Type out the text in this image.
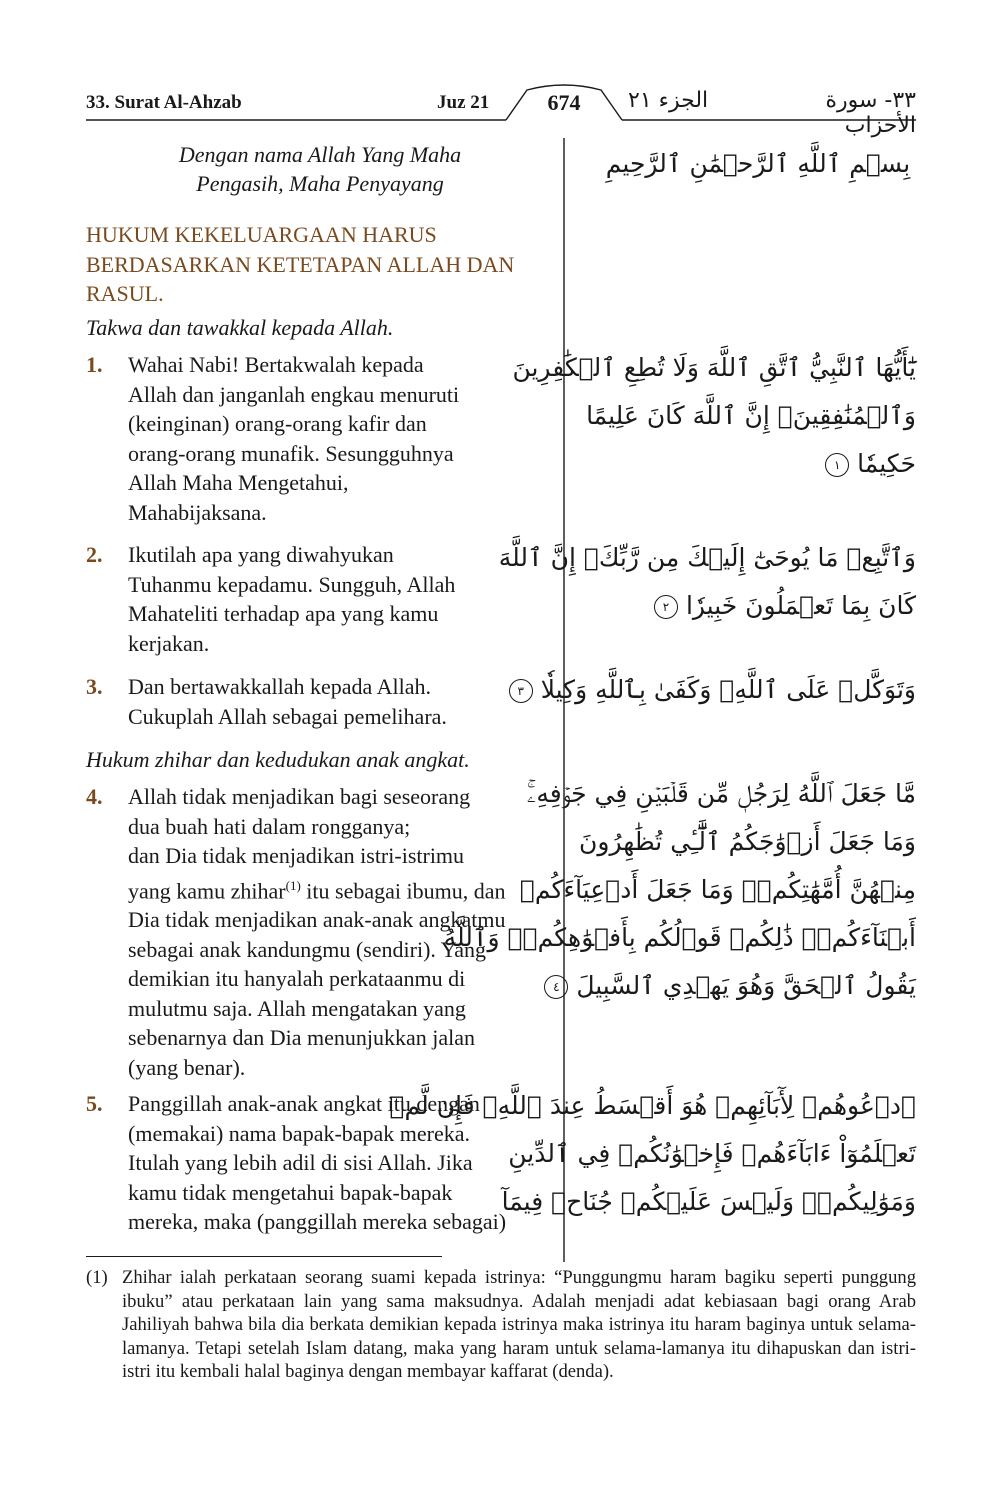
33. Surat Al-Ahzab	Juz 21	674	الجزء ٢١	٣٣- سورة الأحزاب
Dengan nama Allah Yang Maha
Pengasih, Maha Penyayang
بِسۡمِ ٱللَّهِ ٱلرَّحۡمَٰنِ ٱلرَّحِيمِ
HUKUM KEKELUARGAAN HARUS
BERDASARKAN KETETAPAN ALLAH DAN
RASUL.
Takwa dan tawakkal kepada Allah.
1.	Wahai Nabi! Bertakwalah kepada
Allah dan janganlah engkau menuruti
(keinginan) orang-orang kafir dan
orang-orang munafik. Sesungguhnya
Allah Maha Mengetahui,
Mahabijaksana.
يَٰٓأَيُّهَا ٱلنَّبِيُّ ٱتَّقِ ٱللَّهَ وَلَا تُطِعِ ٱلۡكَٰفِرِينَ
وَٱلۡمُنَٰفِقِينَۚ إِنَّ ٱللَّهَ كَانَ عَلِيمًا
حَكِيمٗا ١
2.	Ikutilah apa yang diwahyukan
Tuhanmu kepadamu. Sungguh, Allah
Mahateliti terhadap apa yang kamu
kerjakan.
وَٱتَّبِعۡ مَا يُوحَىٰٓ إِلَيۡكَ مِن رَّبِّكَۚ إِنَّ ٱللَّهَ
كَانَ بِمَا تَعۡمَلُونَ خَبِيرٗا ٢
3.	Dan bertawakkallah kepada Allah.
Cukuplah Allah sebagai pemelihara.
وَتَوَكَّلۡ عَلَى ٱللَّهِۚ وَكَفَىٰ بِٱللَّهِ وَكِيلٗا ٣
Hukum zhihar dan kedudukan anak angkat.
4.	Allah tidak menjadikan bagi seseorang
dua buah hati dalam rongganya;
dan Dia tidak menjadikan istri-istrimu
yang kamu zhihar$^{(1)}$ itu sebagai ibumu, dan
Dia tidak menjadikan anak-anak angkatmu
sebagai anak kandungmu (sendiri). Yang
demikian itu hanyalah perkataanmu di
mulutmu saja. Allah mengatakan yang
sebenarnya dan Dia menunjukkan jalan
(yang benar).
مَّا جَعَلَ ٱللَّهُ لِرَجُلٖ مِّن قَلۡبَيۡنِ فِي جَوۡفِهِۦۚ
وَمَا جَعَلَ أَزۡوَٰجَكُمُ ٱلَّٰٓـِٔي تُظَٰهِرُونَ
مِنۡهُنَّ أُمَّهَٰتِكُمۡۚ وَمَا جَعَلَ أَدۡعِيَآءَكُمۡ
أَبۡنَآءَكُمۡۚ ذَٰلِكُمۡ قَوۡلُكُم بِأَفۡوَٰهِكُمۡۖ وَٱللَّهُ
يَقُولُ ٱلۡحَقَّ وَهُوَ يَهۡدِي ٱلسَّبِيلَ ٤
5.	Panggillah anak-anak angkat itu dengan
(memakai) nama bapak-bapak mereka.
Itulah yang lebih adil di sisi Allah. Jika
kamu tidak mengetahui bapak-bapak
mereka, maka (panggillah mereka sebagai)
ٱدۡعُوهُمۡ لِأٓبَآئِهِمۡ هُوَ أَقۡسَطُ عِندَ ٱللَّهِۚ فَإِن لَّمۡ
تَعۡلَمُوٓاْ ءَابَآءَهُمۡ فَإِخۡوَٰنُكُمۡ فِي ٱلدِّينِ
وَمَوَٰلِيكُمۡۚ وَلَيۡسَ عَلَيۡكُمۡ جُنَاحٞ فِيمَآ
(1) Zhihar ialah perkataan seorang suami kepada istrinya: “Punggungmu haram bagiku seperti punggung ibuku” atau perkataan lain yang sama maksudnya. Adalah menjadi adat kebiasaan bagi orang Arab Jahiliyah bahwa bila dia berkata demikian kepada istrinya maka istrinya itu haram baginya untuk selama-lamanya. Tetapi setelah Islam datang, maka yang haram untuk selama-lamanya itu dihapuskan dan istri-istri itu kembali halal baginya dengan membayar kaffarat (denda).
